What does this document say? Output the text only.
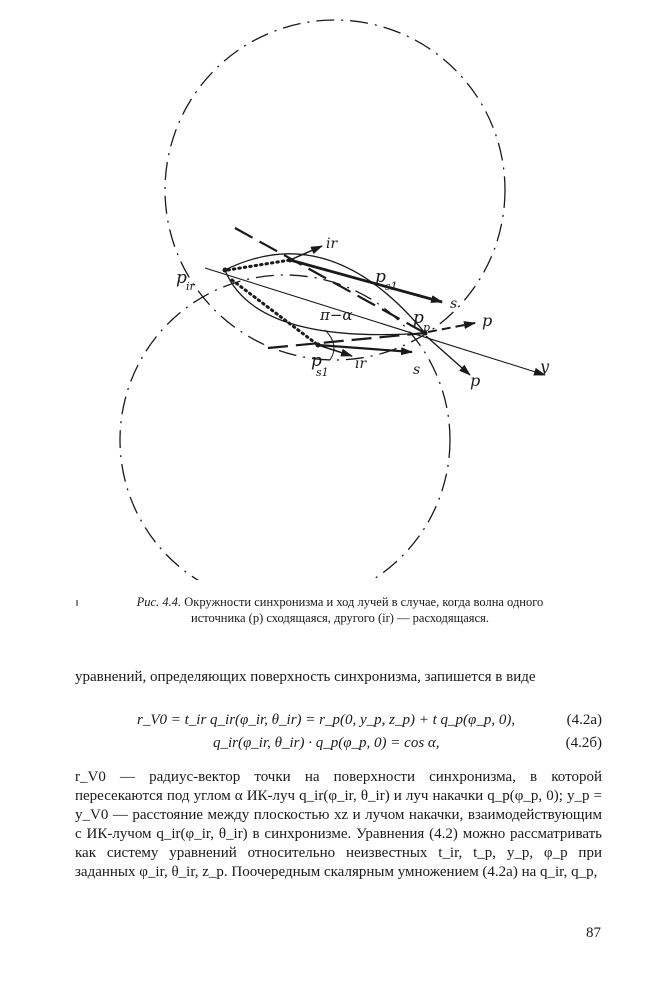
ir
p ir	p s1
s
p p	p
π−α
p
s1
ir	s
p
y
Рис. 4.4. Окружности синхронизма и ход лучей в случае, когда волна одного источника (p) сходящаяся, другого (ir) — расходящаяся.
уравнений, определяющих поверхность синхронизма, запишется в виде
r_V0 = t_ir q_ir(φ_ir, θ_ir) = r_p(0, y_p, z_p) + t q_p(φ_p, 0),	(4.2а)
q_ir(φ_ir, θ_ir) · q_p(φ_p, 0) = cos α,	(4.2б)
r_V0 — радиус-вектор точки на поверхности синхронизма, в которой пересекаются под углом α ИК-луч q_ir(φ_ir, θ_ir) и луч накачки q_p(φ_p, 0); y_p = y_V0 — расстояние между плоскостью xz и лучом накачки, взаимодействующим с ИК-лучом q_ir(φ_ir, θ_ir) в синхронизме. Уравнения (4.2) можно рассматривать как систему уравнений относительно неизвестных t_ir, t_p, y_p, φ_p при заданных φ_ir, θ_ir, z_p. Поочередным скалярным умножением (4.2а) на q_ir, q_p,
87
